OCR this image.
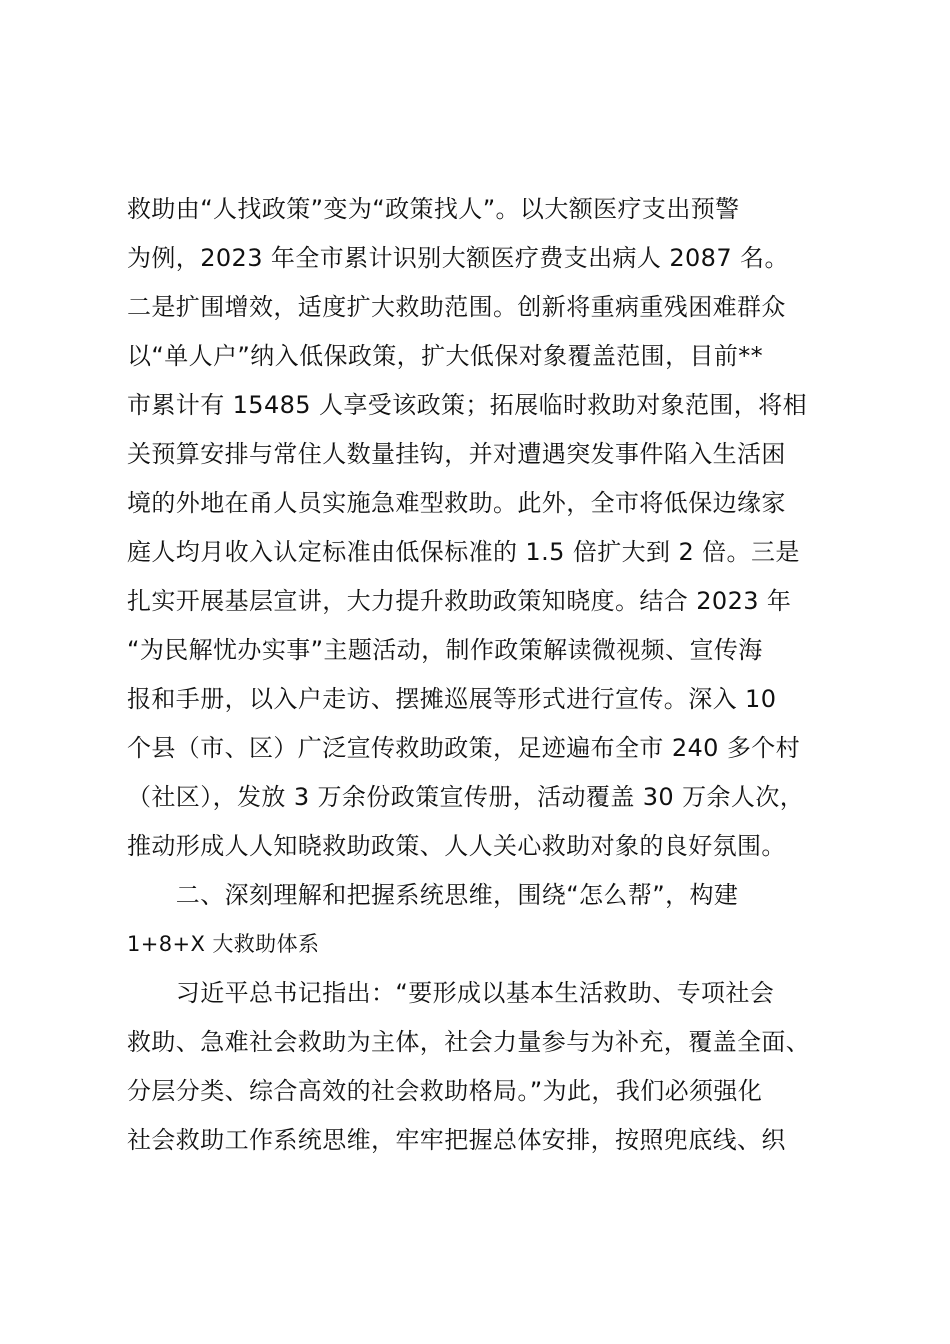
救助由“人找政策”变为“政策找人”。以大额医疗支出预警
为例，2023 年全市累计识别大额医疗费支出病人 2087 名。
二是扩围增效，适度扩大救助范围。创新将重病重残困难群众
以“单人户”纳入低保政策，扩大低保对象覆盖范围，目前**
市累计有 15485 人享受该政策；拓展临时救助对象范围，将相
关预算安排与常住人数量挂钩，并对遭遇突发事件陷入生活困
境的外地在甬人员实施急难型救助。此外，全市将低保边缘家
庭人均月收入认定标准由低保标准的 1.5 倍扩大到 2 倍。三是
扎实开展基层宣讲，大力提升救助政策知晓度。结合 2023 年
“为民解忧办实事”主题活动，制作政策解读微视频、宣传海
报和手册，以入户走访、摆摊巡展等形式进行宣传。深入 10
个县（市、区）广泛宣传救助政策，足迹遍布全市 240 多个村
（社区），发放 3 万余份政策宣传册，活动覆盖 30 万余人次，
推动形成人人知晓救助政策、人人关心救助对象的良好氛围。
　　二、深刻理解和把握系统思维，围绕“怎么帮”，构建
1+8+X 大救助体系
　　习近平总书记指出：“要形成以基本生活救助、专项社会
救助、急难社会救助为主体，社会力量参与为补充，覆盖全面、
分层分类、综合高效的社会救助格局。”为此，我们必须强化
社会救助工作系统思维，牢牢把握总体安排，按照兜底线、织
